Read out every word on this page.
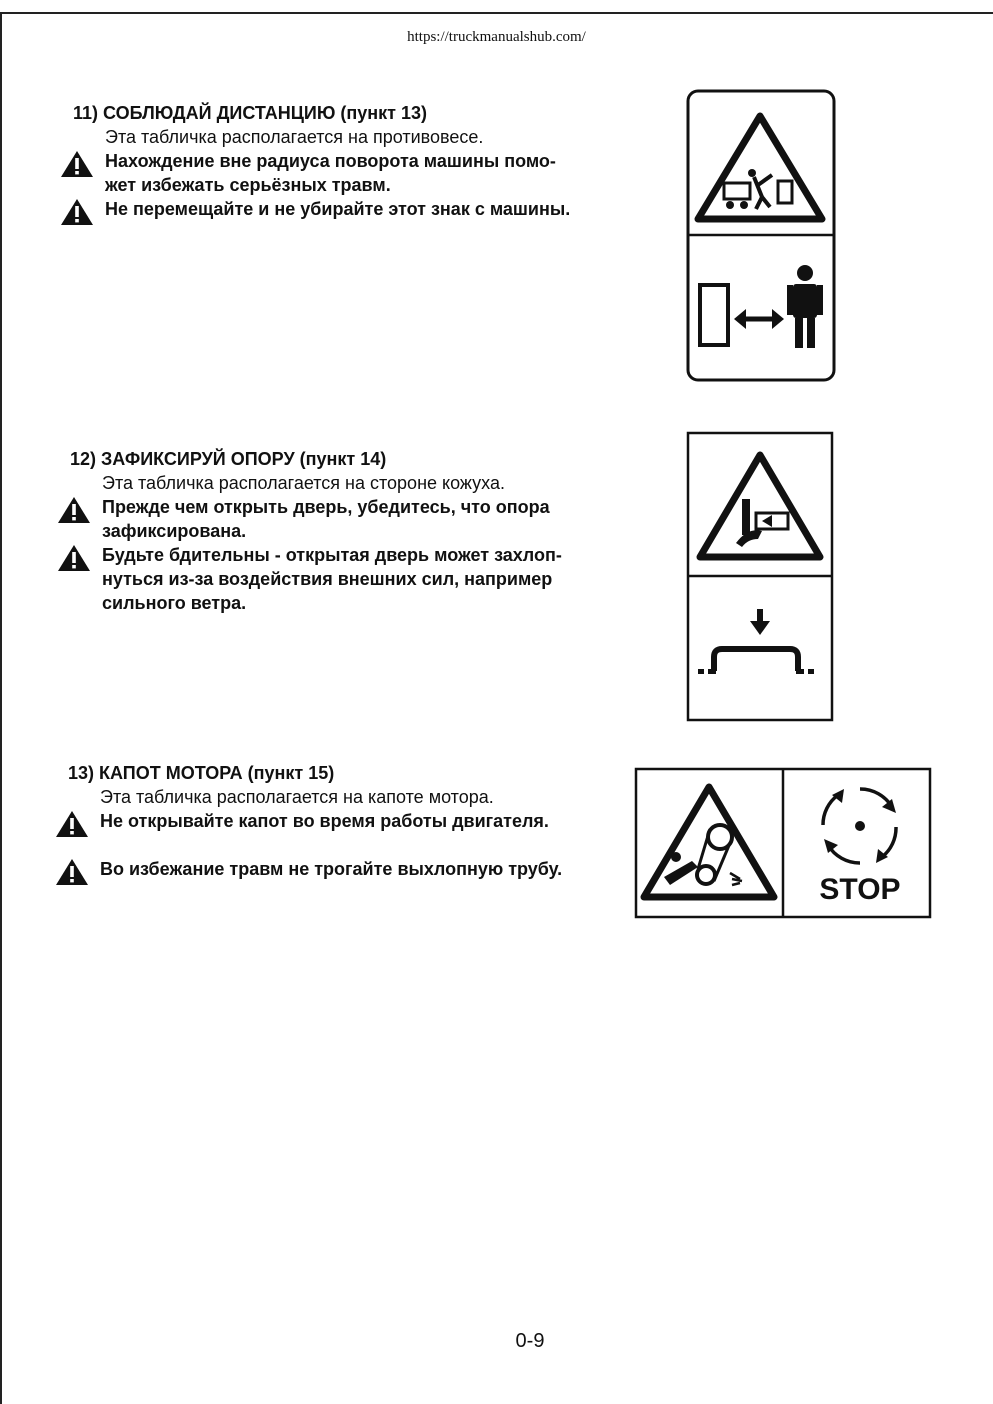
https://truckmanualshub.com/
11) СОБЛЮДАЙ ДИСТАНЦИЮ (пункт 13)
Эта табличка располагается на противовесе.
Нахождение вне радиуса поворота машины помо-
жет избежать серьёзных травм.
Не перемещайте и не убирайте этот знак с машины.
12) ЗАФИКСИРУЙ ОПОРУ (пункт 14)
Эта табличка располагается на стороне кожуха.
Прежде чем открыть дверь, убедитесь, что опора
зафиксирована.
Будьте бдительны - открытая дверь может захлоп-
нуться из-за воздействия внешних сил, например
сильного ветра.
13) КАПОТ МОТОРА (пункт 15)
Эта табличка располагается на капоте мотора.
Не открывайте капот во время работы двигателя.
Во избежание травм не трогайте выхлопную трубу.
STOP
0-9
